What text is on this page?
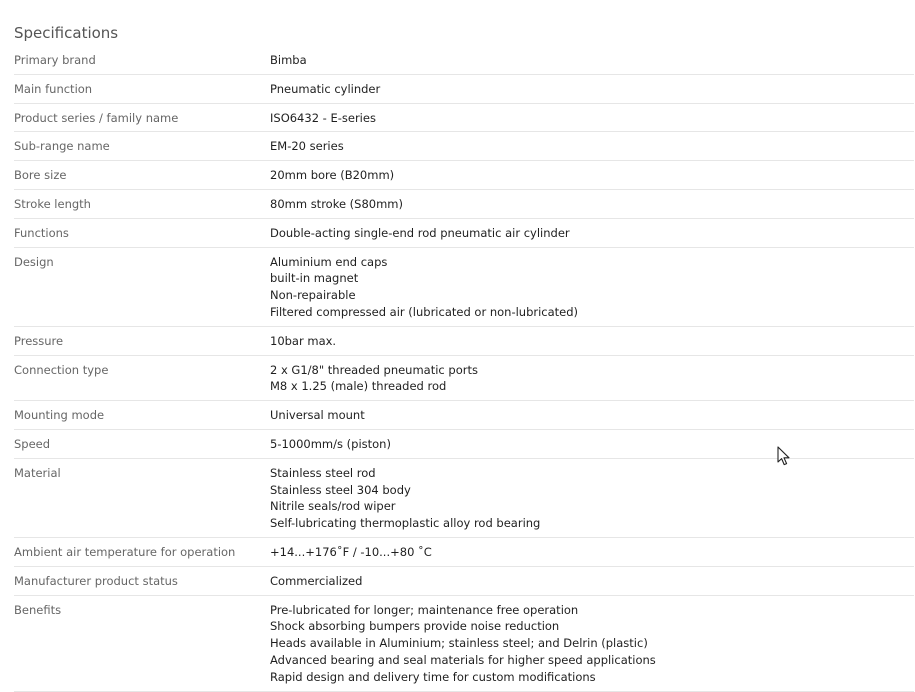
Specifications
Primary brand	Bimba
Main function	Pneumatic cylinder
Product series / family name	ISO6432 - E-series
Sub-range name	EM-20 series
Bore size	20mm bore (B20mm)
Stroke length	80mm stroke (S80mm)
Functions	Double-acting single-end rod pneumatic air cylinder
Design	Aluminium end caps
built-in magnet
Non-repairable
Filtered compressed air (lubricated or non-lubricated)
Pressure	10bar max.
Connection type	2 x G1/8" threaded pneumatic ports
M8 x 1.25 (male) threaded rod
Mounting mode	Universal mount
Speed	5-1000mm/s (piston)
Material	Stainless steel rod
Stainless steel 304 body
Nitrile seals/rod wiper
Self-lubricating thermoplastic alloy rod bearing
Ambient air temperature for operation	+14...+176˚F / -10...+80 ˚C
Manufacturer product status	Commercialized
Benefits	Pre-lubricated for longer; maintenance free operation
Shock absorbing bumpers provide noise reduction
Heads available in Aluminium; stainless steel; and Delrin (plastic)
Advanced bearing and seal materials for higher speed applications
Rapid design and delivery time for custom modifications
